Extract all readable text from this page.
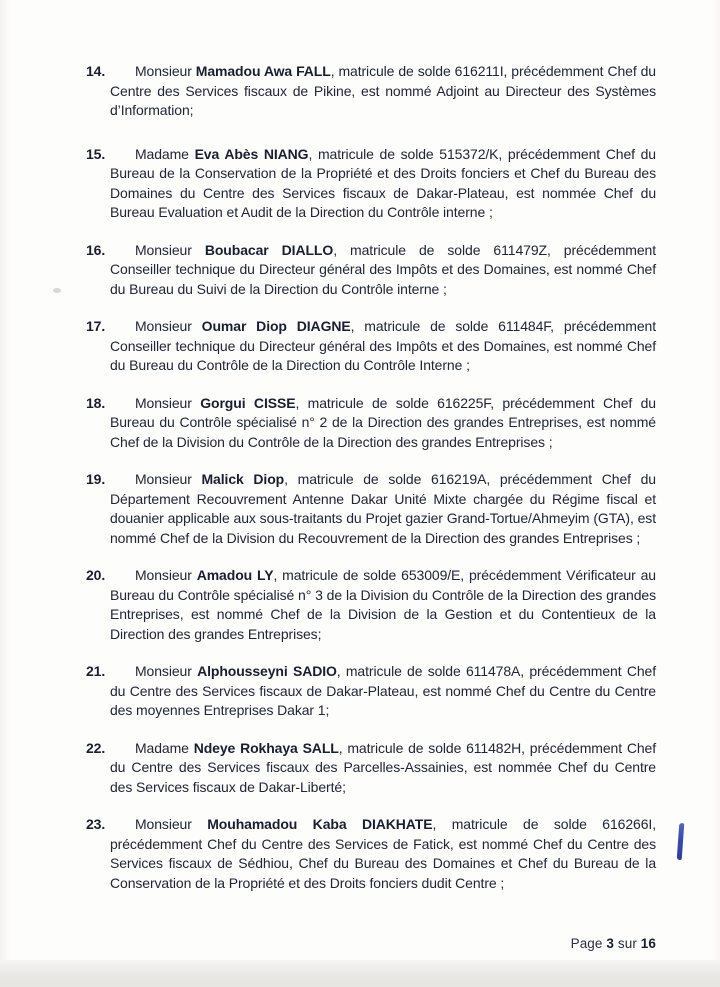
14. Monsieur Mamadou Awa FALL, matricule de solde 616211I, précédemment Chef du Centre des Services fiscaux de Pikine, est nommé Adjoint au Directeur des Systèmes d’Information;

15. Madame Eva Abès NIANG, matricule de solde 515372/K, précédemment Chef du Bureau de la Conservation de la Propriété et des Droits fonciers et Chef du Bureau des Domaines du Centre des Services fiscaux de Dakar-Plateau, est nommée Chef du Bureau Evaluation et Audit de la Direction du Contrôle interne ;

16. Monsieur Boubacar DIALLO, matricule de solde 611479Z, précédemment Conseiller technique du Directeur général des Impôts et des Domaines, est nommé Chef du Bureau du Suivi de la Direction du Contrôle interne ;

17. Monsieur Oumar Diop DIAGNE, matricule de solde 611484F, précédemment Conseiller technique du Directeur général des Impôts et des Domaines, est nommé Chef du Bureau du Contrôle de la Direction du Contrôle Interne ;

18. Monsieur Gorgui CISSE, matricule de solde 616225F, précédemment Chef du Bureau du Contrôle spécialisé n° 2 de la Direction des grandes Entreprises, est nommé Chef de la Division du Contrôle de la Direction des grandes Entreprises ;

19. Monsieur Malick Diop, matricule de solde 616219A, précédemment Chef du Département Recouvrement Antenne Dakar Unité Mixte chargée du Régime fiscal et douanier applicable aux sous-traitants du Projet gazier Grand-Tortue/Ahmeyim (GTA), est nommé Chef de la Division du Recouvrement de la Direction des grandes Entreprises ;

20. Monsieur Amadou LY, matricule de solde 653009/E, précédemment Vérificateur au Bureau du Contrôle spécialisé n° 3 de la Division du Contrôle de la Direction des grandes Entreprises, est nommé Chef de la Division de la Gestion et du Contentieux de la Direction des grandes Entreprises;

21. Monsieur Alphousseyni SADIO, matricule de solde 611478A, précédemment Chef du Centre des Services fiscaux de Dakar-Plateau, est nommé Chef du Centre du Centre des moyennes Entreprises Dakar 1;

22. Madame Ndeye Rokhaya SALL, matricule de solde 611482H, précédemment Chef du Centre des Services fiscaux des Parcelles-Assainies, est nommée Chef du Centre des Services fiscaux de Dakar-Liberté;

23. Monsieur Mouhamadou Kaba DIAKHATE, matricule de solde 616266I, précédemment Chef du Centre des Services de Fatick, est nommé Chef du Centre des Services fiscaux de Sédhiou, Chef du Bureau des Domaines et Chef du Bureau de la Conservation de la Propriété et des Droits fonciers dudit Centre ;

Page 3 sur 16
